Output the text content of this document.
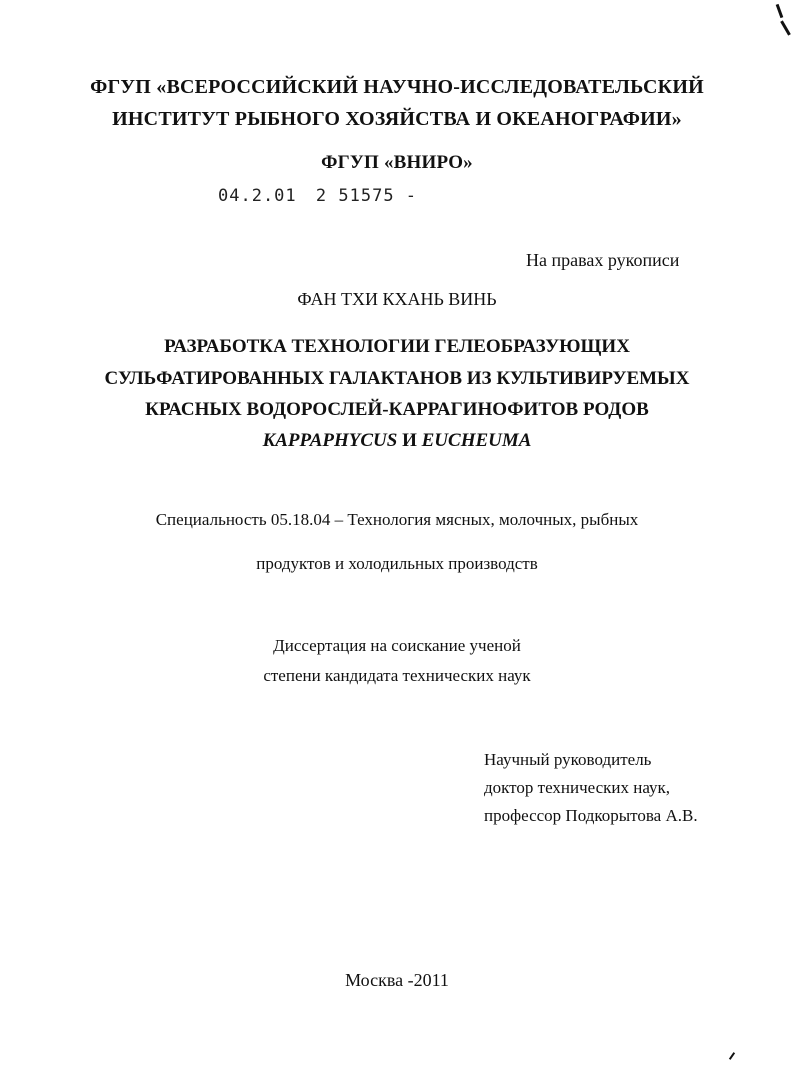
ФГУП «ВСЕРОССИЙСКИЙ НАУЧНО-ИССЛЕДОВАТЕЛЬСКИЙ
ИНСТИТУТ РЫБНОГО ХОЗЯЙСТВА И ОКЕАНОГРАФИИ»
ФГУП «ВНИРО»
04.2.01 2 51575 -
На правах рукописи
ФАН ТХИ КХАНЬ ВИНЬ
РАЗРАБОТКА ТЕХНОЛОГИИ ГЕЛЕОБРАЗУЮЩИХ
СУЛЬФАТИРОВАННЫХ ГАЛАКТАНОВ ИЗ КУЛЬТИВИРУЕМЫХ
КРАСНЫХ ВОДОРОСЛЕЙ-КАРРАГИНОФИТОВ РОДОВ
KAPPAPHYCUS И EUCHEUMA
Специальность 05.18.04 – Технология мясных, молочных, рыбных
продуктов и холодильных производств
Диссертация на соискание ученой
степени кандидата технических наук
Научный руководитель
доктор технических наук,
профессор Подкорытова А.В.
Москва -2011
